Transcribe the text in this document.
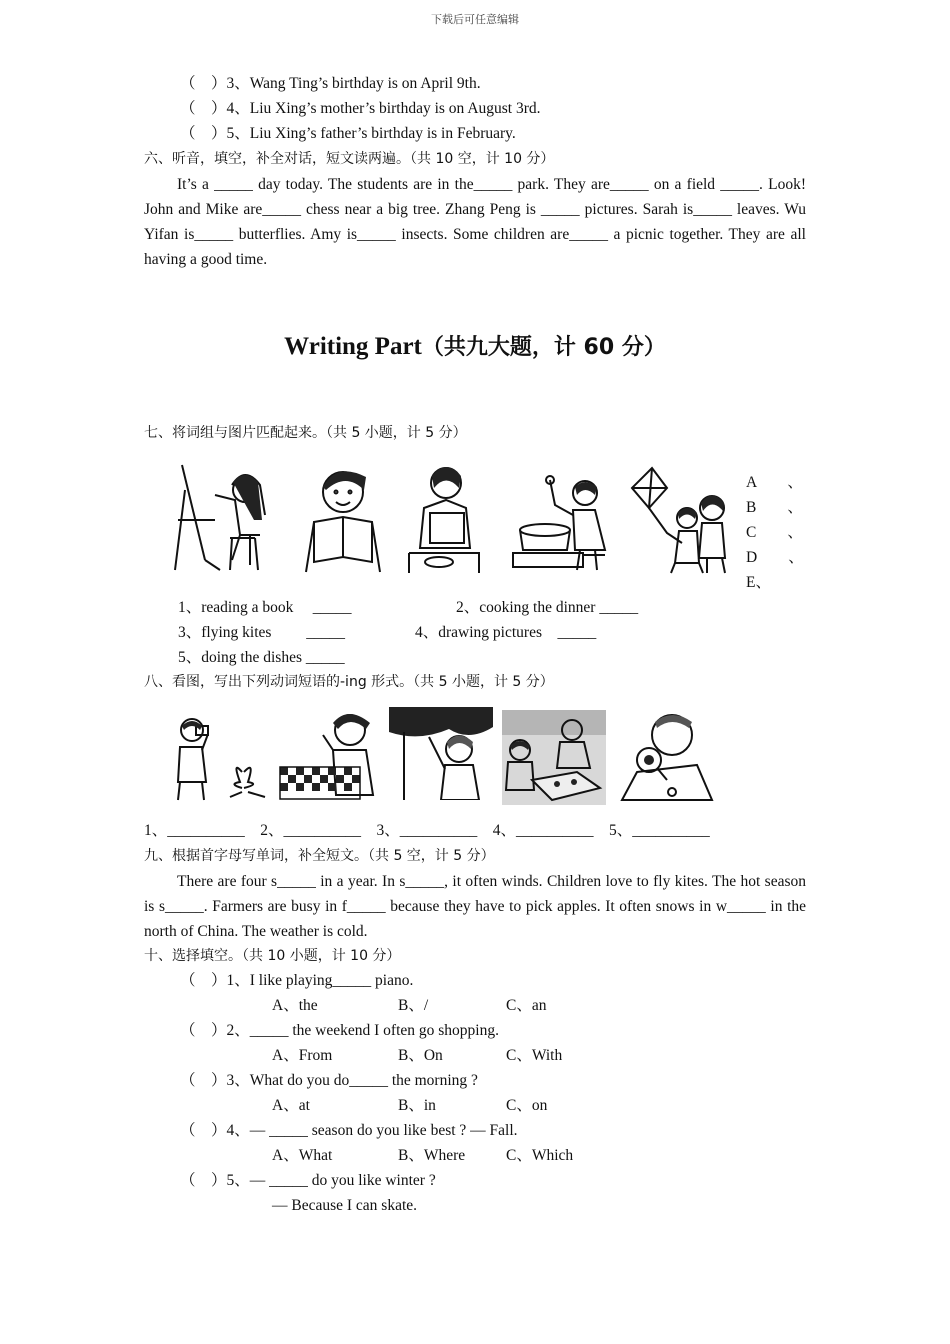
下载后可任意编辑
（　）3、Wang Ting’s birthday is on April 9th.
（　）4、Liu Xing’s mother’s birthday is on August 3rd.
（　）5、Liu Xing’s father’s birthday is in February.
六、听音，填空，补全对话，短文读两遍。（共 10 空，计 10 分）
It’s a _____ day today. The students are in the_____ park. They are_____ on a field _____. Look! John and Mike are_____ chess near a big tree. Zhang Peng is _____ pictures. Sarah is_____ leaves. Wu Yifan is_____ butterflies. Amy is_____ insects. Some children are_____ a picnic together. They are all having a good time.
Writing Part（共九大题，计 60 分）
七、将词组与图片匹配起来。（共 5 小题，计 5 分）
A　　、
B　　、
C　　、
D　　、
E、
1、reading a book　 _____	2、cooking the dinner _____
3、flying kites　　 _____	4、drawing pictures　_____
5、doing the dishes _____
八、看图，写出下列动词短语的-ing 形式。（共 5 小题，计 5 分）
1、__________　2、__________　3、__________　4、__________　5、__________
九、根据首字母写单词，补全短文。（共 5 空，计 5 分）
There are four s_____ in a year. In s_____, it often winds. Children love to fly kites. The hot season is s_____. Farmers are busy in f_____ because they have to pick apples. It often snows in w_____ in the north of China. The weather is cold.
十、选择填空。（共 10 小题，计 10 分）
（　）1、I like playing_____ piano.
A、the	B、/	C、an
（　）2、_____ the weekend I often go shopping.
A、From	B、On	C、With
（　）3、What do you do_____ the morning ?
A、at	B、in	C、on
（　）4、— _____ season do you like best ? — Fall.
A、What	B、Where	C、Which
（　）5、— _____ do you like winter ?
— Because I can skate.
